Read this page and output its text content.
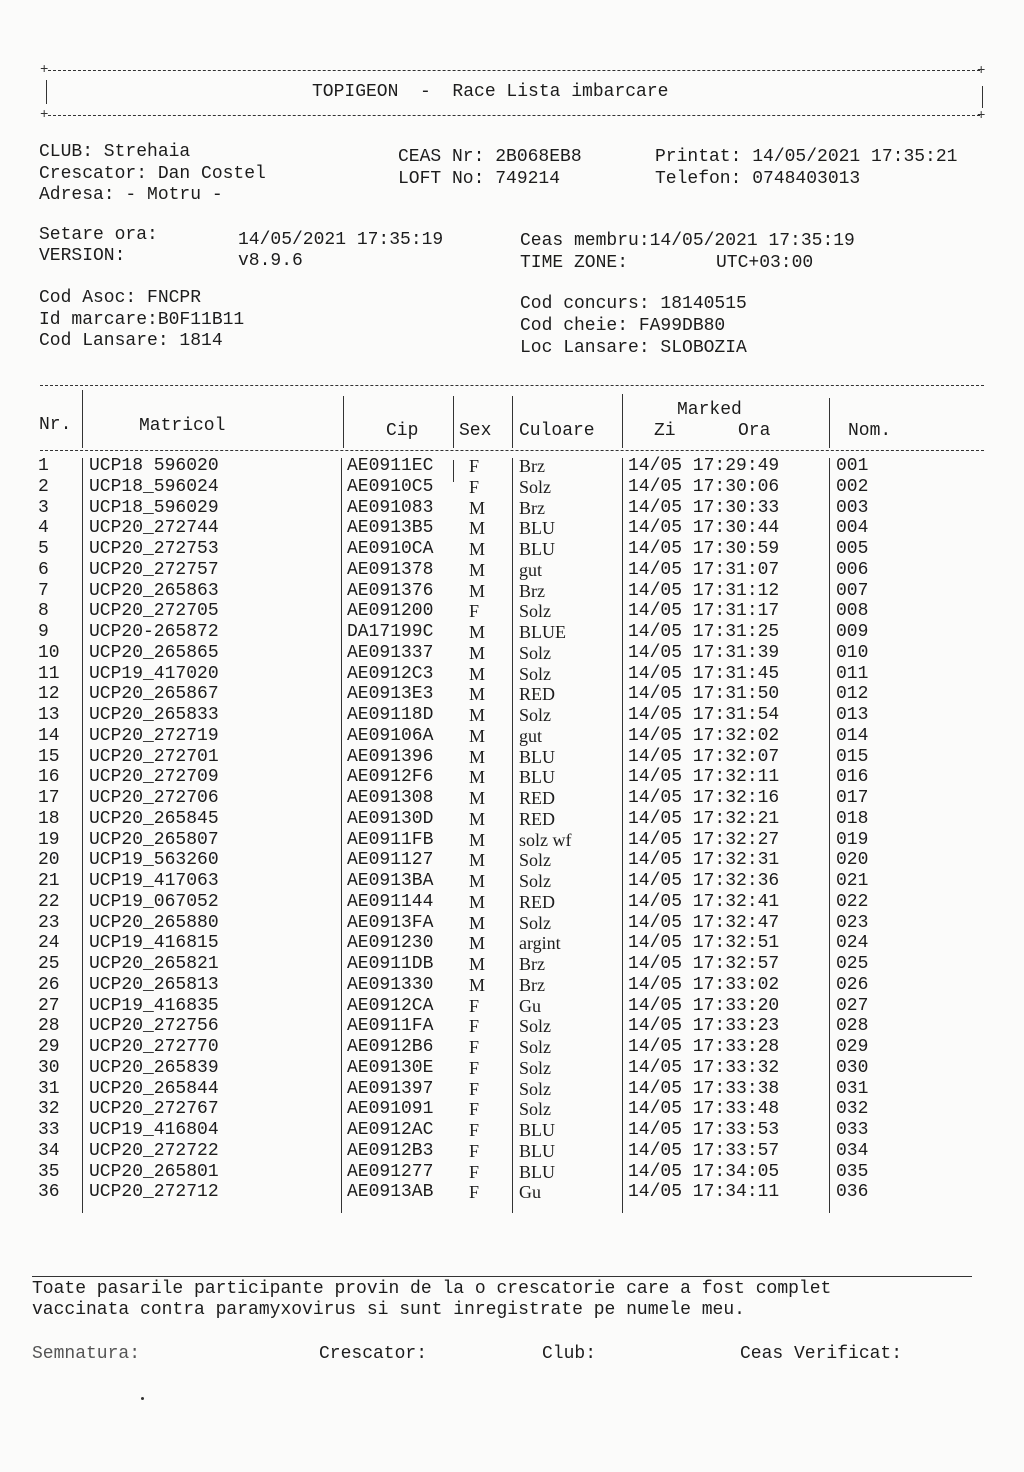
+	+
+	+
TOPIGEON  -  Race Lista imbarcare
CLUB: Strehaia
Crescator: Dan Costel
Adresa: - Motru -
CEAS Nr: 2B068EB8
LOFT No: 749214
Printat: 14/05/2021 17:35:21
Telefon: 0748403013
Setare ora:	14/05/2021 17:35:19
VERSION:	v8.9.6
Ceas membru:14/05/2021 17:35:19
TIME ZONE:	UTC+03:00
Cod Asoc: FNCPR
Id marcare:B0F11B11
Cod Lansare: 1814
Cod concurs: 18140515
Cod cheie: FA99DB80
Loc Lansare: SLOBOZIA
Nr.	Matricol	Cip Sex Culoare
Marked
Zi	Ora	Nom.
1 UCP18 596020	AE0911EC F Brz	14/05 17:29:49	001
2 UCP18_596024	AE0910C5 F Solz	14/05 17:30:06	002
3 UCP18_596029	AE091083 M Brz	14/05 17:30:33	003
4 UCP20_272744	AE0913B5 M BLU	14/05 17:30:44	004
5 UCP20_272753	AE0910CA M BLU	14/05 17:30:59	005
6 UCP20_272757	AE091378 M gut	14/05 17:31:07	006
7 UCP20_265863	AE091376 M Brz	14/05 17:31:12	007
8 UCP20_272705	AE091200 F Solz	14/05 17:31:17	008
9 UCP20-265872	DA17199C M BLUE	14/05 17:31:25	009
10 UCP20_265865	AE091337 M Solz	14/05 17:31:39	010
11 UCP19_417020	AE0912C3 M Solz	14/05 17:31:45	011
12 UCP20_265867	AE0913E3 M RED	14/05 17:31:50	012
13 UCP20_265833	AE09118D M Solz	14/05 17:31:54	013
14 UCP20_272719	AE09106A M gut	14/05 17:32:02	014
15 UCP20_272701	AE091396 M BLU	14/05 17:32:07	015
16 UCP20_272709	AE0912F6 M BLU	14/05 17:32:11	016
17 UCP20_272706	AE091308 M RED	14/05 17:32:16	017
18 UCP20_265845	AE09130D M RED	14/05 17:32:21	018
19 UCP20_265807	AE0911FB M solz wf	14/05 17:32:27	019
20 UCP19_563260	AE091127 M Solz	14/05 17:32:31	020
21 UCP19_417063	AE0913BA M Solz	14/05 17:32:36	021
22 UCP19_067052	AE091144 M RED	14/05 17:32:41	022
23 UCP20_265880	AE0913FA M Solz	14/05 17:32:47	023
24 UCP19_416815	AE091230 M argint	14/05 17:32:51	024
25 UCP20_265821	AE0911DB M Brz	14/05 17:32:57	025
26 UCP20_265813	AE091330 M Brz	14/05 17:33:02	026
27 UCP19_416835	AE0912CA F Gu	14/05 17:33:20	027
28 UCP20_272756	AE0911FA F Solz	14/05 17:33:23	028
29 UCP20_272770	AE0912B6 F Solz	14/05 17:33:28	029
30 UCP20_265839	AE09130E F Solz	14/05 17:33:32	030
31 UCP20_265844	AE091397 F Solz	14/05 17:33:38	031
32 UCP20_272767	AE091091 F Solz	14/05 17:33:48	032
33 UCP19_416804	AE0912AC F BLU	14/05 17:33:53	033
34 UCP20_272722	AE0912B3 F BLU	14/05 17:33:57	034
35 UCP20_265801	AE091277 F BLU	14/05 17:34:05	035
36 UCP20_272712	AE0913AB F Gu	14/05 17:34:11	036
Toate pasarile participante provin de la o crescatorie care a fost complet
vaccinata contra paramyxovirus si sunt inregistrate pe numele meu.
Semnatura:	Crescator:	Club:	Ceas Verificat:
